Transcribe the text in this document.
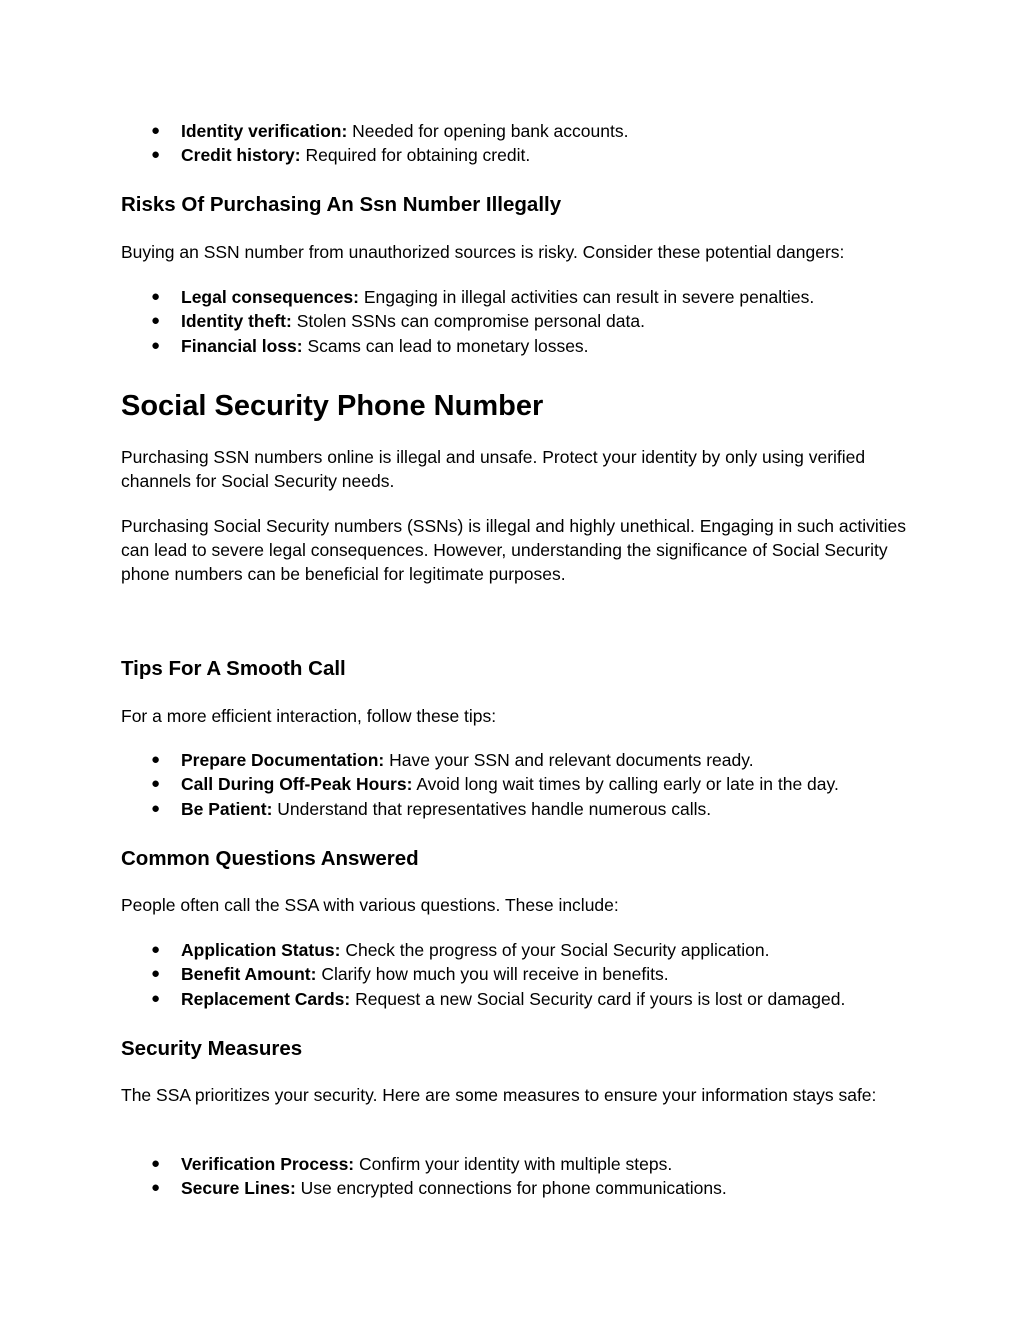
● Identity verification: Needed for opening bank accounts.
● Credit history: Required for obtaining credit.
Risks Of Purchasing An Ssn Number Illegally

Buying an SSN number from unauthorized sources is risky. Consider these potential dangers:

● Legal consequences: Engaging in illegal activities can result in severe penalties.
● Identity theft: Stolen SSNs can compromise personal data.
● Financial loss: Scams can lead to monetary losses.
Social Security Phone Number

Purchasing SSN numbers online is illegal and unsafe. Protect your identity by only using verified channels for Social Security needs.

Purchasing Social Security numbers (SSNs) is illegal and highly unethical. Engaging in such activities can lead to severe legal consequences. However, understanding the significance of Social Security phone numbers can be beneficial for legitimate purposes.

Tips For A Smooth Call

For a more efficient interaction, follow these tips:

● Prepare Documentation: Have your SSN and relevant documents ready.
● Call During Off-Peak Hours: Avoid long wait times by calling early or late in the day.
● Be Patient: Understand that representatives handle numerous calls.
Common Questions Answered

People often call the SSA with various questions. These include:

● Application Status: Check the progress of your Social Security application.
● Benefit Amount: Clarify how much you will receive in benefits.
● Replacement Cards: Request a new Social Security card if yours is lost or damaged.
Security Measures

The SSA prioritizes your security. Here are some measures to ensure your information stays safe:

● Verification Process: Confirm your identity with multiple steps.
● Secure Lines: Use encrypted connections for phone communications.
